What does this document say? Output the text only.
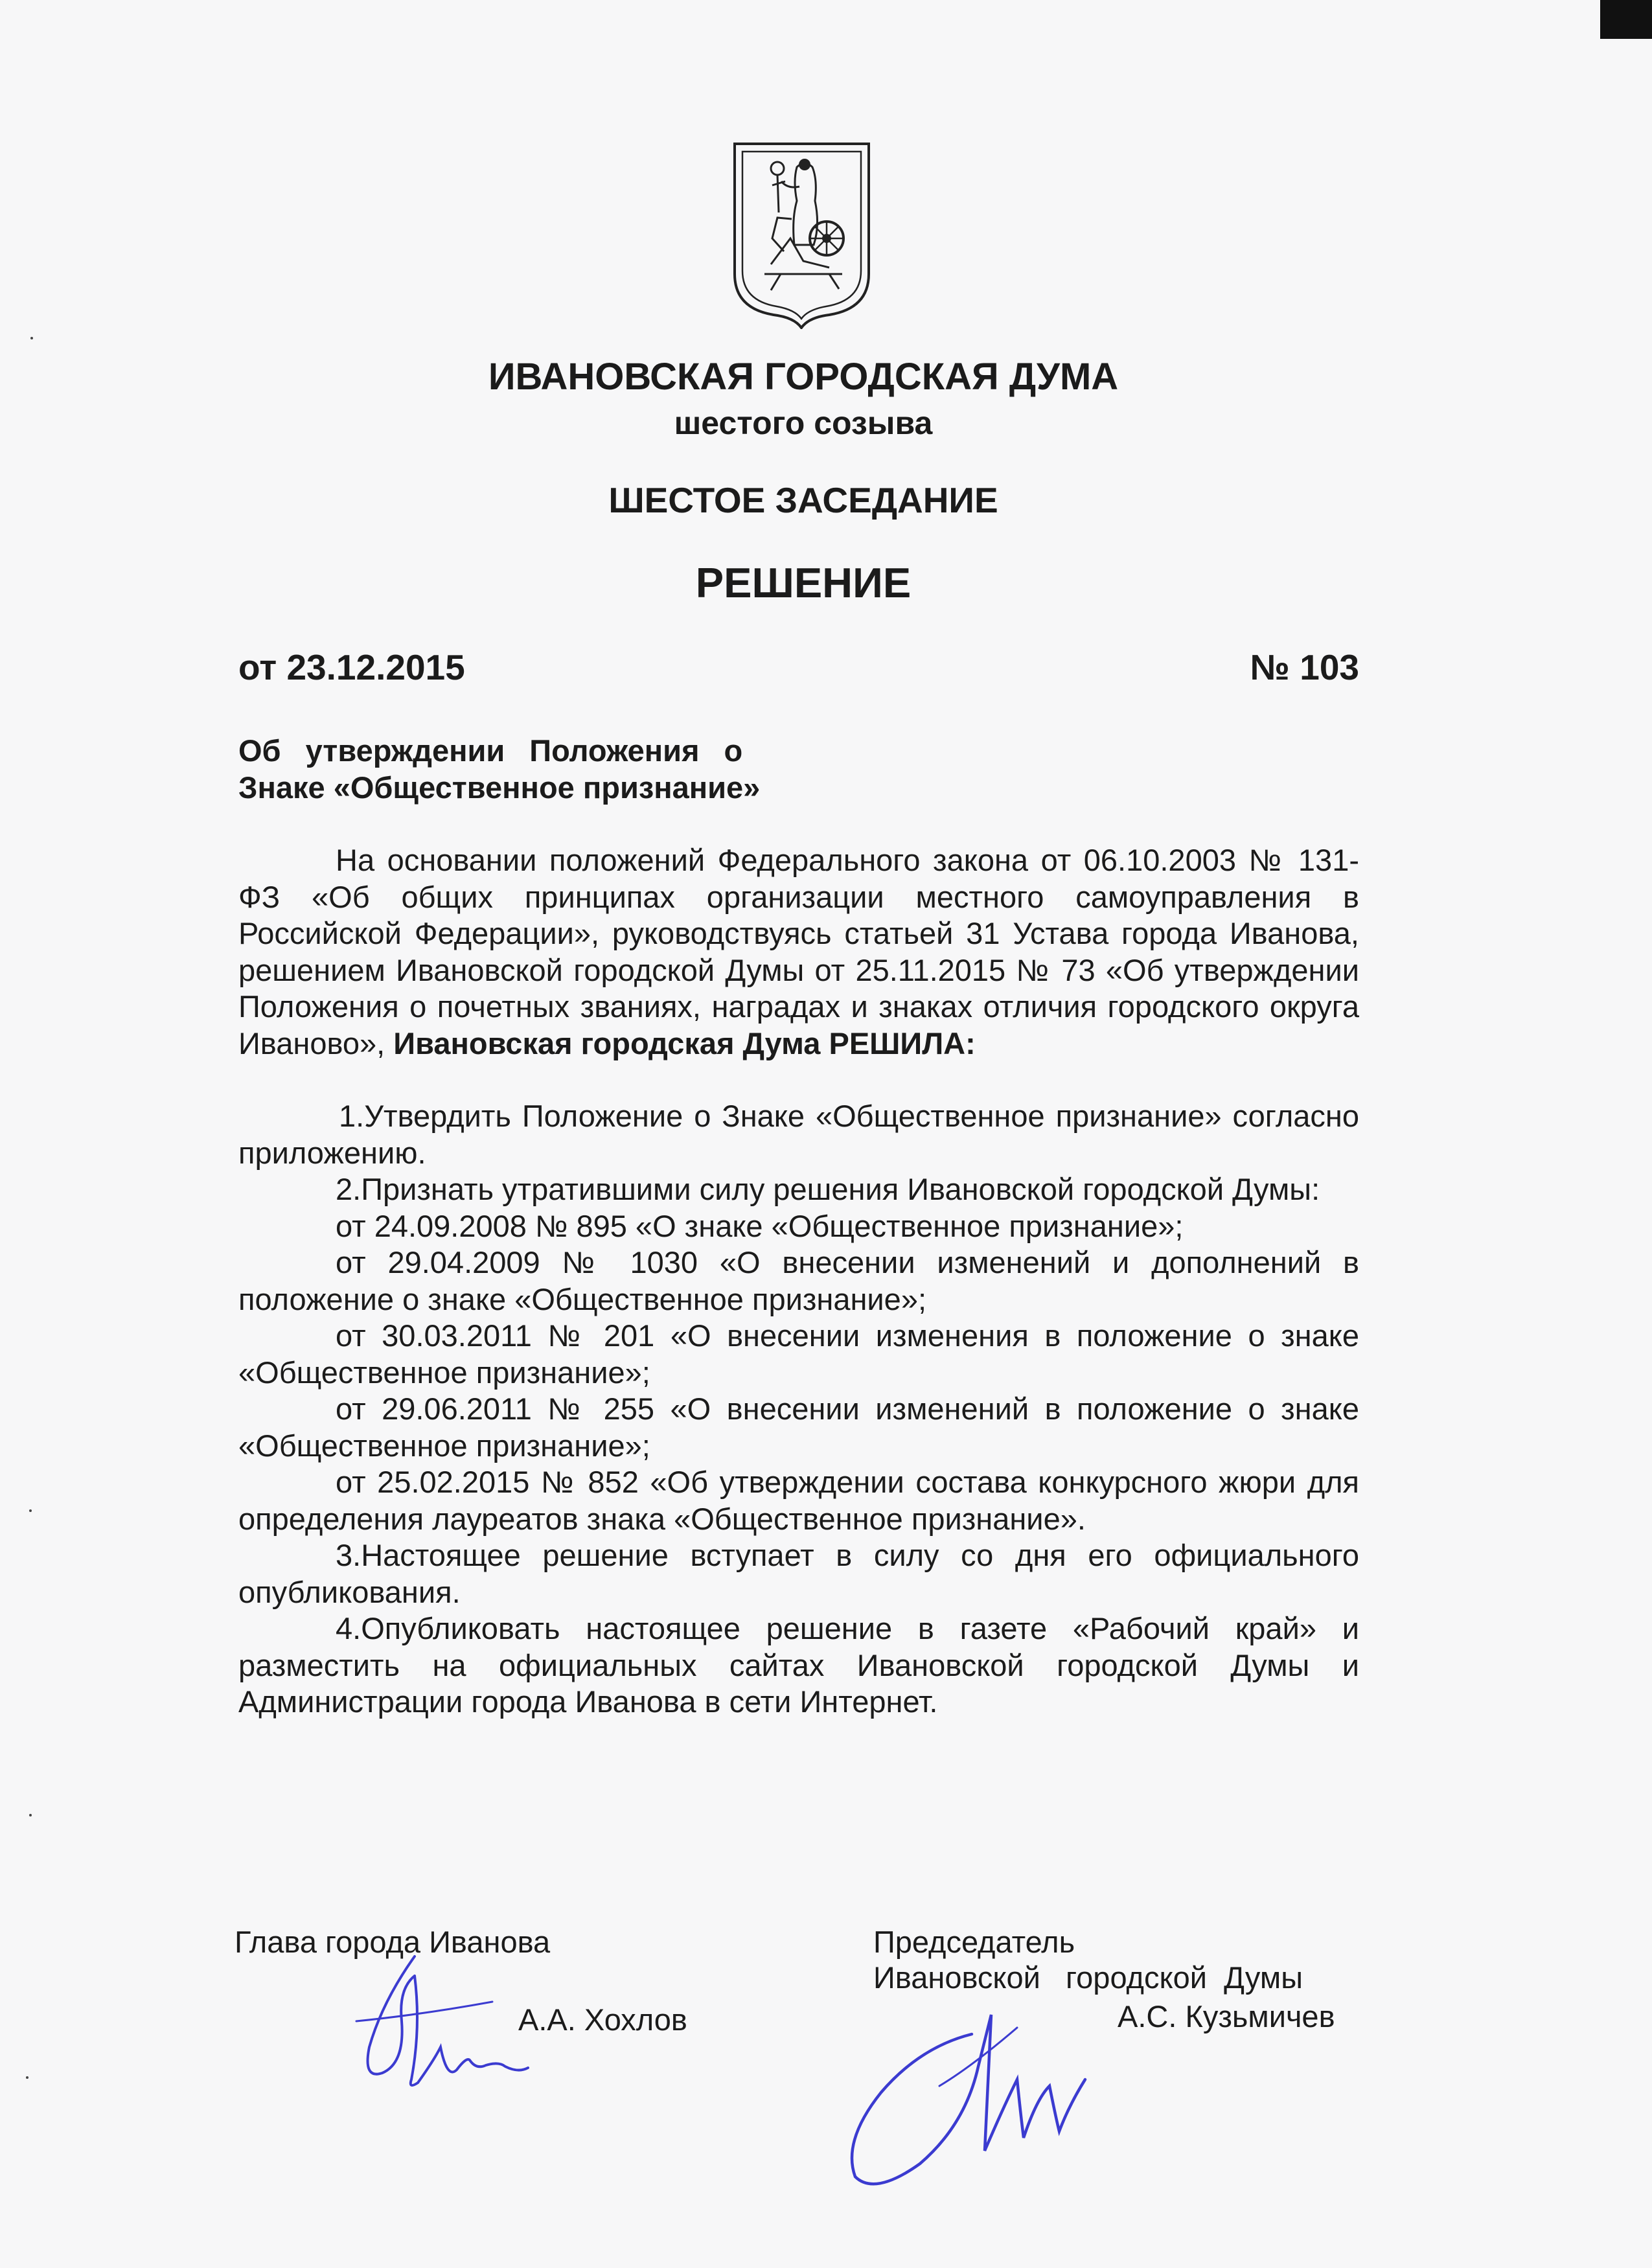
ИВАНОВСКАЯ ГОРОДСКАЯ ДУМА
шестого созыва
ШЕСТОЕ ЗАСЕДАНИЕ
РЕШЕНИЕ
от 23.12.2015	№ 103
Об утверждении Положения о
Знаке «Общественное признание»

На основании положений Федерального закона от 06.10.2003 № 131-ФЗ «Об общих принципах организации местного самоуправления в Российской Федерации», руководствуясь статьей 31 Устава города Иванова, решением Ивановской городской Думы от 25.11.2015 № 73 «Об утверждении Положения о почетных званиях, наградах и знаках отличия городского округа Иваново», Ивановская городская Дума РЕШИЛА:

1.Утвердить Положение о Знаке «Общественное признание» согласно приложению.

2.Признать утратившими силу решения Ивановской городской Думы:

от 24.09.2008 № 895 «О знаке «Общественное признание»;

от 29.04.2009 № 1030 «О внесении изменений и дополнений в положение о знаке «Общественное признание»;

от 30.03.2011 № 201 «О внесении изменения в положение о знаке «Общественное признание»;

от 29.06.2011 № 255 «О внесении изменений в положение о знаке «Общественное признание»;

от 25.02.2015 № 852 «Об утверждении состава конкурсного жюри для определения лауреатов знака «Общественное признание».

3.Настоящее решение вступает в силу со дня его официального опубликования.

4.Опубликовать настоящее решение в газете «Рабочий край» и разместить на официальных сайтах Ивановской городской Думы и Администрации города Иванова в сети Интернет.

Глава города Иванова
А.А. Хохлов
Председатель
Ивановской   городской  Думы
А.С. Кузьмичев
